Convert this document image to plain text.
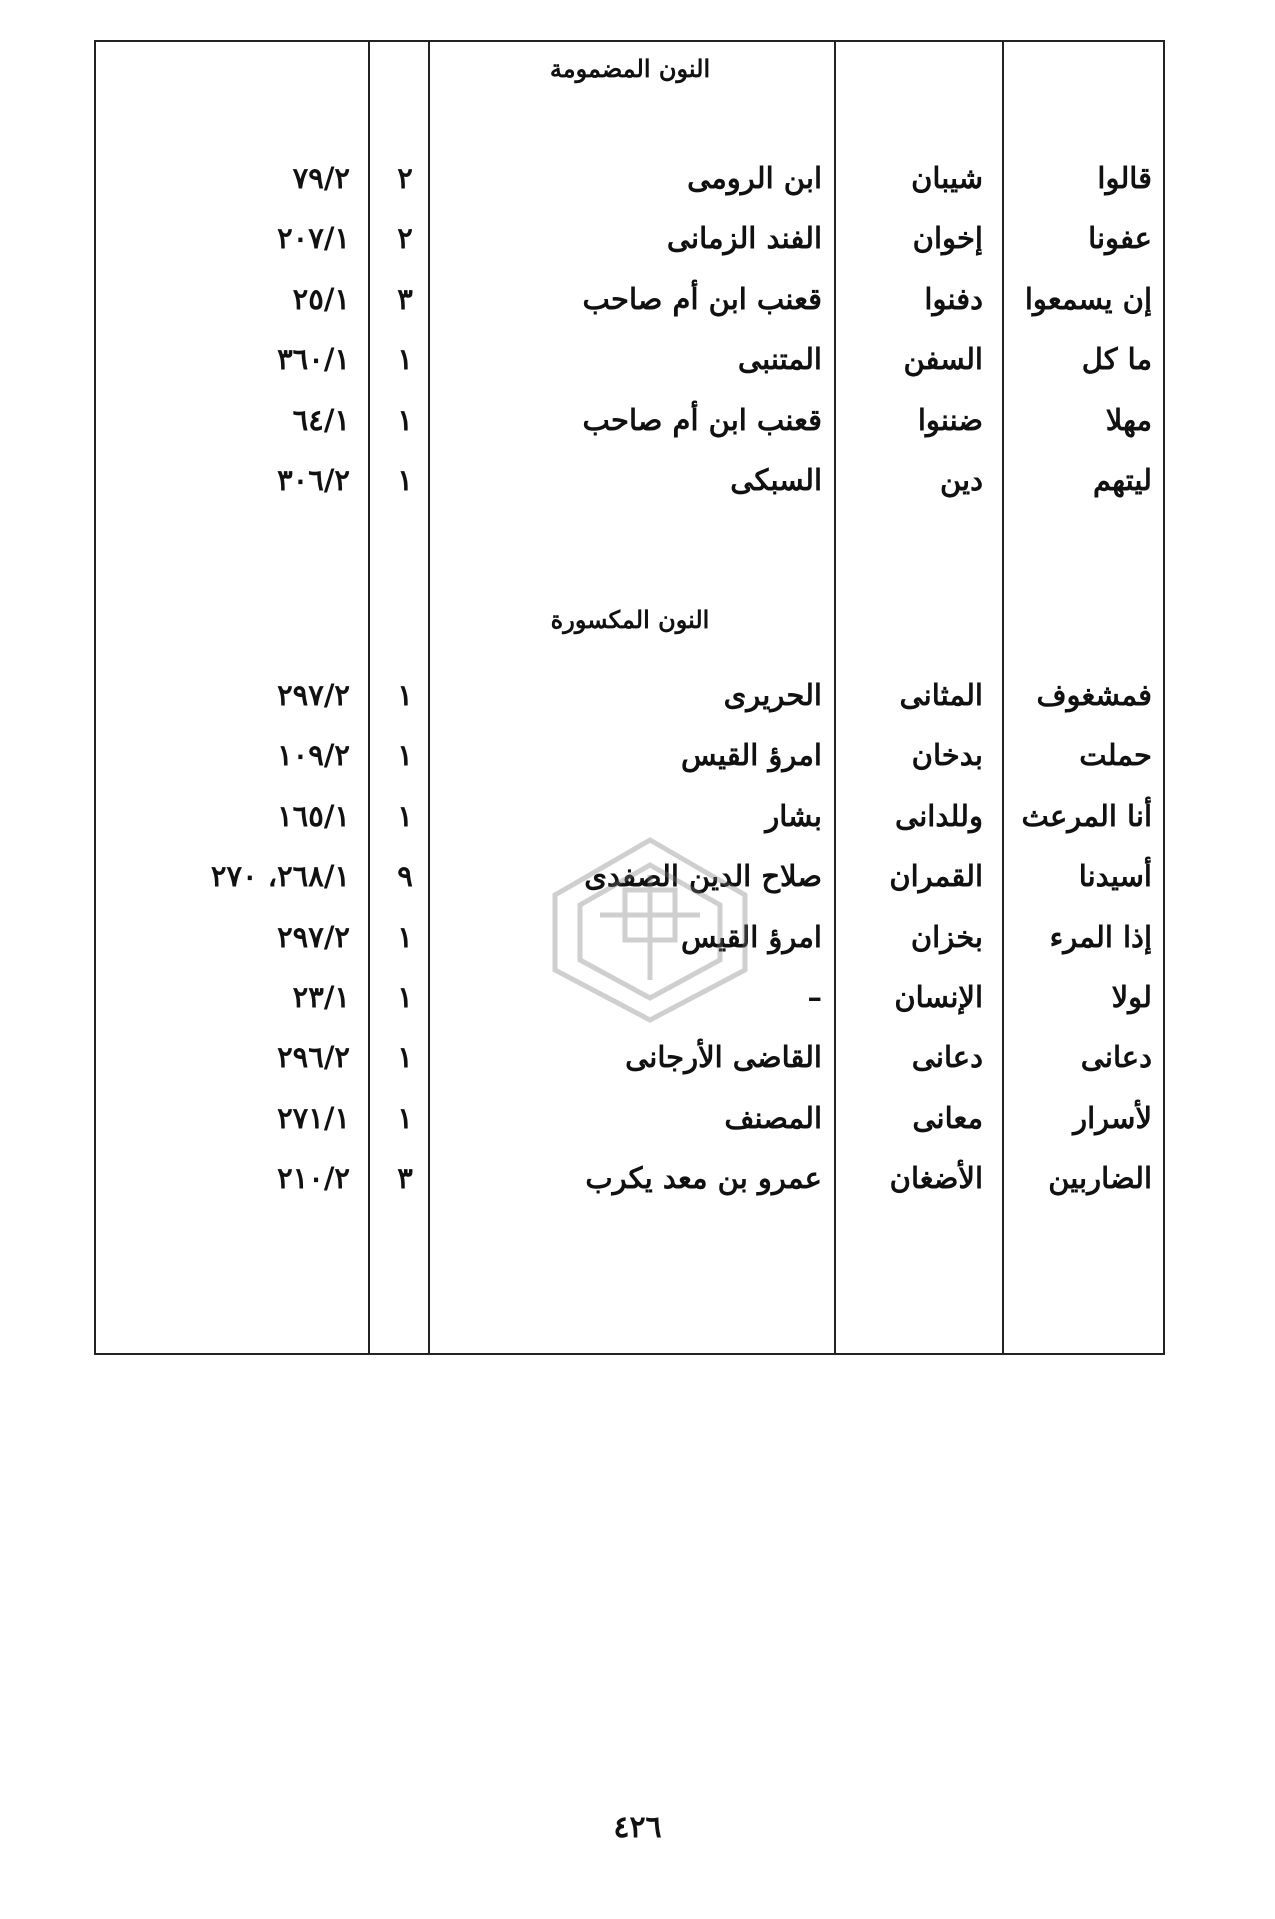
النون المضمومة
النون المكسورة
قالوا
شيبان
ابن الرومى
٢
٧٩/٢
عفونا
إخوان
الفند الزمانى
٢
٢٠٧/١
إن يسمعوا
دفنوا
قعنب ابن أم صاحب
٣
٢٥/١
ما كل
السفن
المتنبى
١
٣٦٠/١
مهلا
ضننوا
قعنب ابن أم صاحب
١
٦٤/١
ليتهم
دين
السبكى
١
٣٠٦/٢
فمشغوف
المثانى
الحريرى
١
٢٩٧/٢
حملت
بدخان
امرؤ القيس
١
١٠٩/٢
أنا المرعث
وللدانى
بشار
١
١٦٥/١
أسيدنا
القمران
صلاح الدين الصفدى
٩
٢٦٨/١، ٢٧٠
إذا المرء
بخزان
امرؤ القيس
١
٢٩٧/٢
لولا
الإنسان
–
١
٢٣/١
دعانى
دعانى
القاضى الأرجانى
١
٢٩٦/٢
لأسرار
معانى
المصنف
١
٢٧١/١
الضاربين
الأضغان
عمرو بن معد يكرب
٣
٢١٠/٢
٤٢٦
